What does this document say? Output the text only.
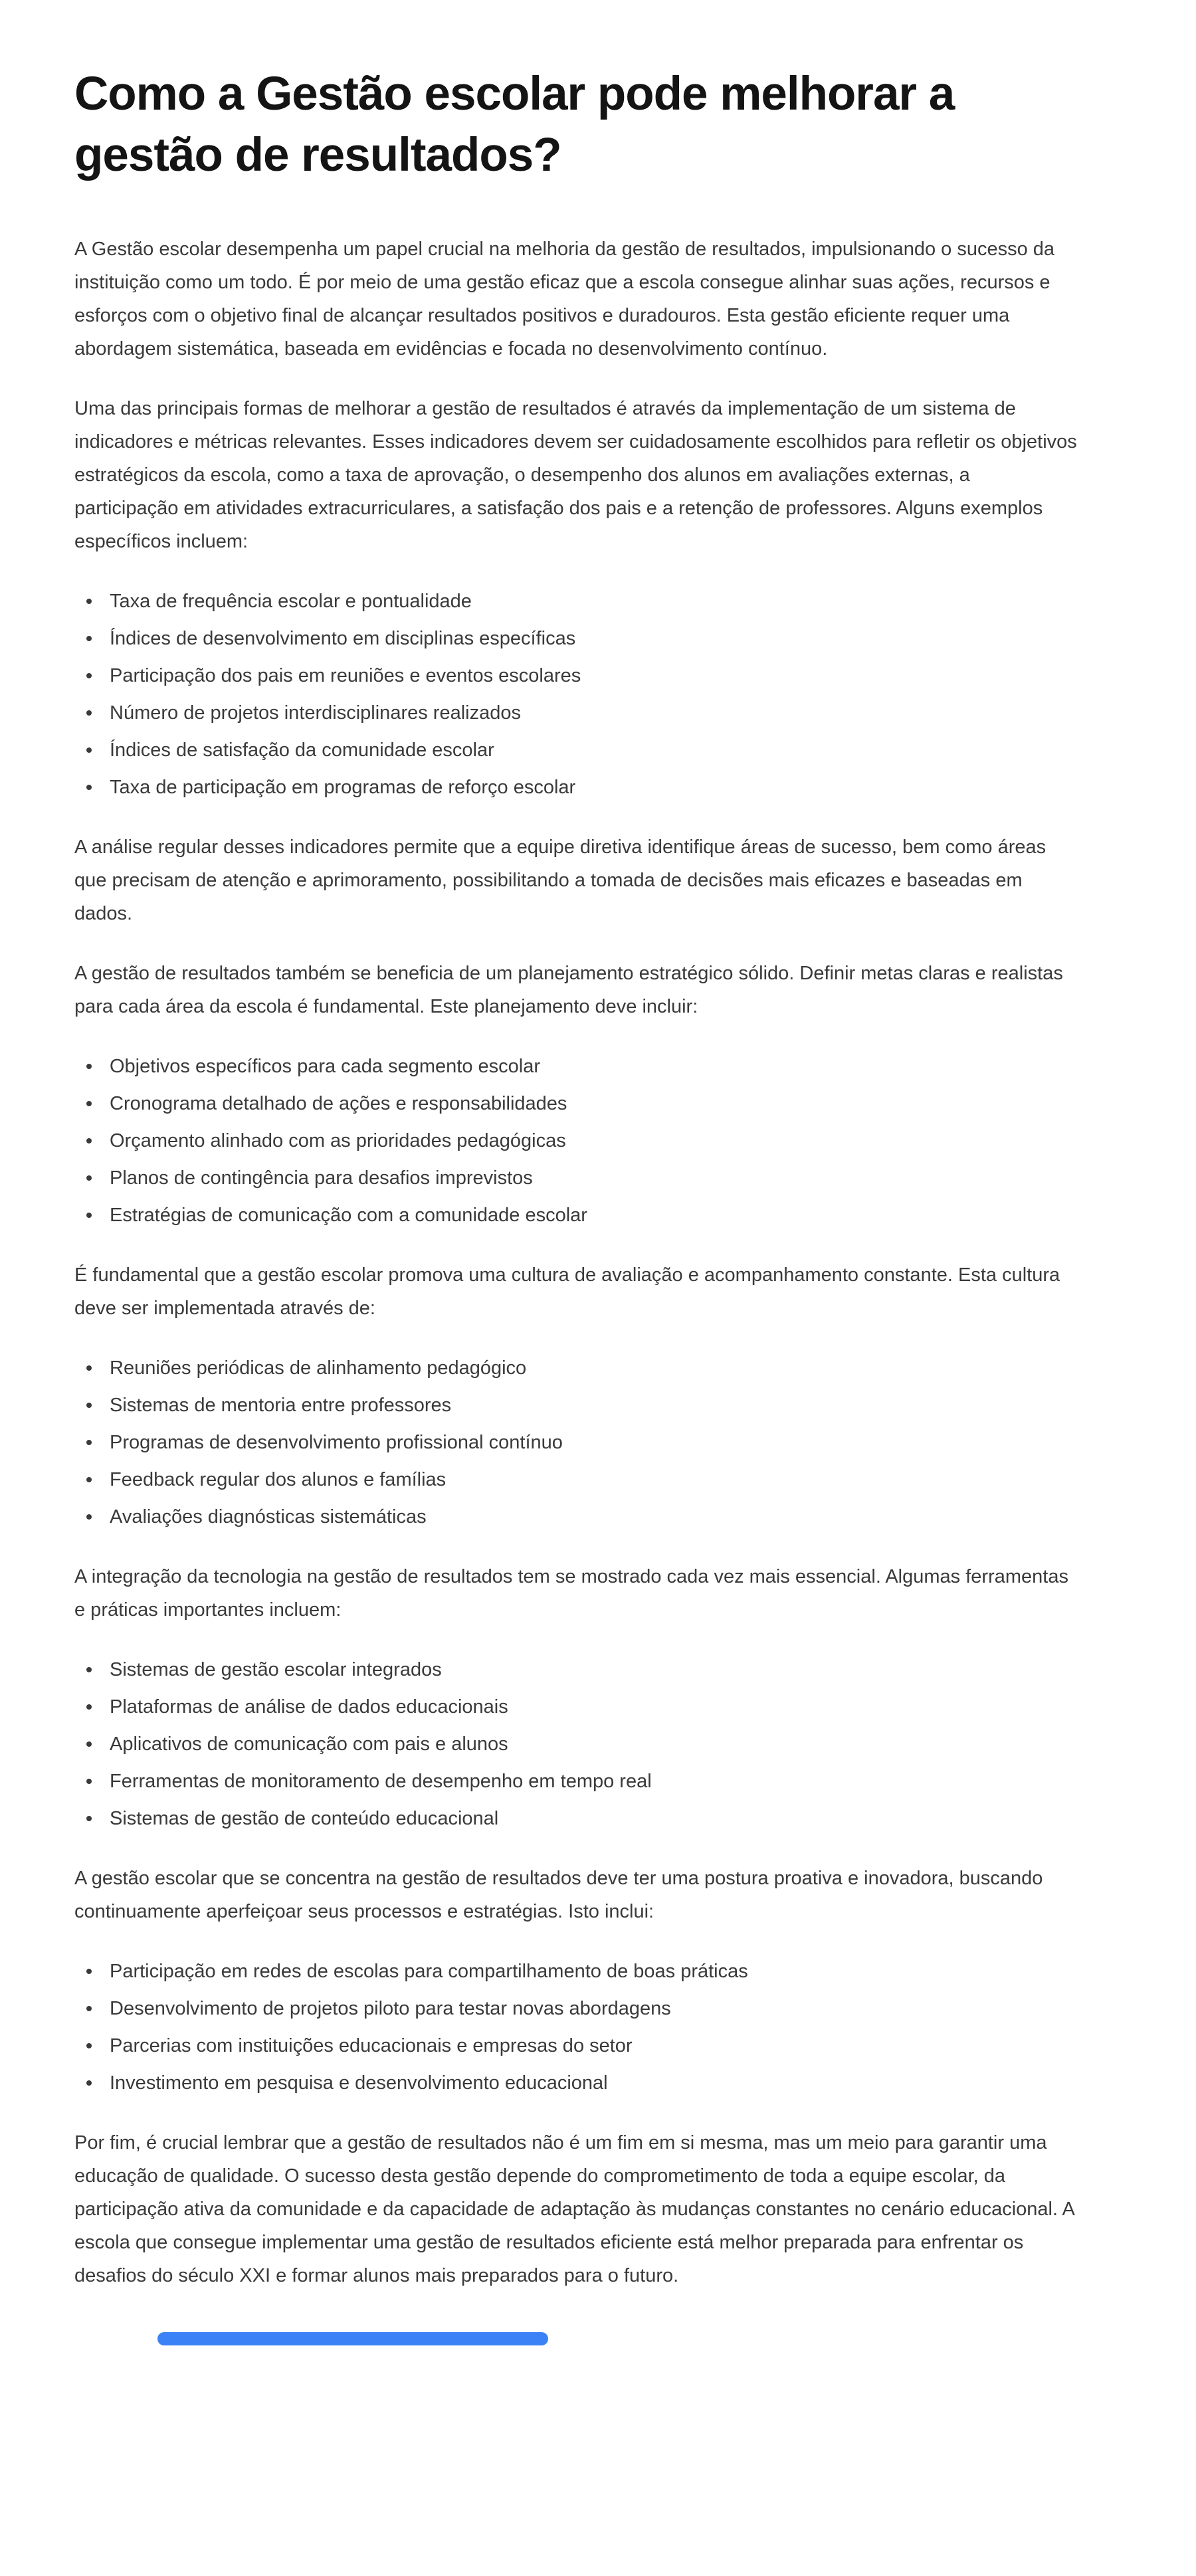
Como a Gestão escolar pode melhorar a gestão de resultados?

A Gestão escolar desempenha um papel crucial na melhoria da gestão de resultados, impulsionando o sucesso da instituição como um todo. É por meio de uma gestão eficaz que a escola consegue alinhar suas ações, recursos e esforços com o objetivo final de alcançar resultados positivos e duradouros. Esta gestão eficiente requer uma abordagem sistemática, baseada em evidências e focada no desenvolvimento contínuo.

Uma das principais formas de melhorar a gestão de resultados é através da implementação de um sistema de indicadores e métricas relevantes. Esses indicadores devem ser cuidadosamente escolhidos para refletir os objetivos estratégicos da escola, como a taxa de aprovação, o desempenho dos alunos em avaliações externas, a participação em atividades extracurriculares, a satisfação dos pais e a retenção de professores. Alguns exemplos específicos incluem:

Taxa de frequência escolar e pontualidade
Índices de desenvolvimento em disciplinas específicas
Participação dos pais em reuniões e eventos escolares
Número de projetos interdisciplinares realizados
Índices de satisfação da comunidade escolar
Taxa de participação em programas de reforço escolar

A análise regular desses indicadores permite que a equipe diretiva identifique áreas de sucesso, bem como áreas que precisam de atenção e aprimoramento, possibilitando a tomada de decisões mais eficazes e baseadas em dados.

A gestão de resultados também se beneficia de um planejamento estratégico sólido. Definir metas claras e realistas para cada área da escola é fundamental. Este planejamento deve incluir:

Objetivos específicos para cada segmento escolar
Cronograma detalhado de ações e responsabilidades
Orçamento alinhado com as prioridades pedagógicas
Planos de contingência para desafios imprevistos
Estratégias de comunicação com a comunidade escolar

É fundamental que a gestão escolar promova uma cultura de avaliação e acompanhamento constante. Esta cultura deve ser implementada através de:

Reuniões periódicas de alinhamento pedagógico
Sistemas de mentoria entre professores
Programas de desenvolvimento profissional contínuo
Feedback regular dos alunos e famílias
Avaliações diagnósticas sistemáticas

A integração da tecnologia na gestão de resultados tem se mostrado cada vez mais essencial. Algumas ferramentas e práticas importantes incluem:

Sistemas de gestão escolar integrados
Plataformas de análise de dados educacionais
Aplicativos de comunicação com pais e alunos
Ferramentas de monitoramento de desempenho em tempo real
Sistemas de gestão de conteúdo educacional

A gestão escolar que se concentra na gestão de resultados deve ter uma postura proativa e inovadora, buscando continuamente aperfeiçoar seus processos e estratégias. Isto inclui:

Participação em redes de escolas para compartilhamento de boas práticas
Desenvolvimento de projetos piloto para testar novas abordagens
Parcerias com instituições educacionais e empresas do setor
Investimento em pesquisa e desenvolvimento educacional

Por fim, é crucial lembrar que a gestão de resultados não é um fim em si mesma, mas um meio para garantir uma educação de qualidade. O sucesso desta gestão depende do comprometimento de toda a equipe escolar, da participação ativa da comunidade e da capacidade de adaptação às mudanças constantes no cenário educacional. A escola que consegue implementar uma gestão de resultados eficiente está melhor preparada para enfrentar os desafios do século XXI e formar alunos mais preparados para o futuro.
